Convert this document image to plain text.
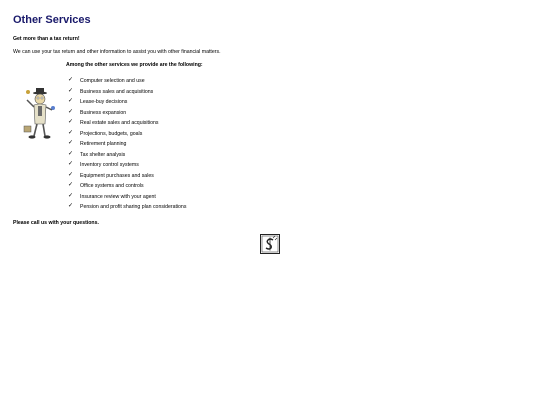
Other Services
Get more than a tax return!
We can use your tax return and other information to assist you with other financial matters.
Among the other services we provide are the following:
✓ Computer selection and use
✓ Business sales and acquisitions
✓ Lease-buy decisions
✓ Business expansion
✓ Real estate sales and acquisitions
✓ Projections, budgets, goals
✓ Retirement planning
✓ Tax shelter analysis
✓ Inventory control systems
✓ Equipment purchases and sales
✓ Office systems and controls
✓ Insurance review with your agent
✓ Pension and profit sharing plan considerations
Please call us with your questions.
